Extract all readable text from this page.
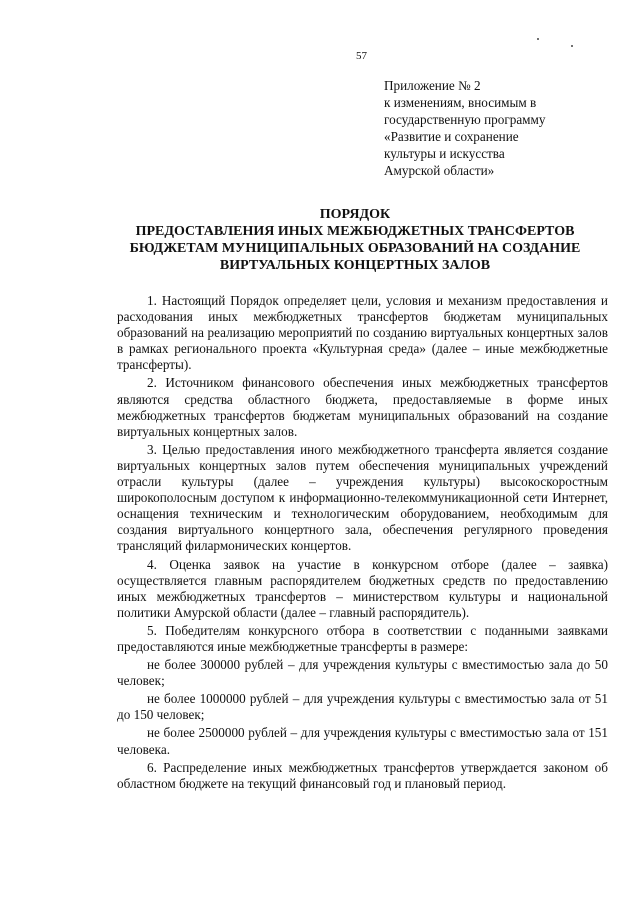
57
Приложение № 2
к изменениям, вносимым в
государственную программу
«Развитие и сохранение
культуры и искусства
Амурской области»
ПОРЯДОК
ПРЕДОСТАВЛЕНИЯ ИНЫХ МЕЖБЮДЖЕТНЫХ ТРАНСФЕРТОВ
БЮДЖЕТАМ МУНИЦИПАЛЬНЫХ ОБРАЗОВАНИЙ НА СОЗДАНИЕ
ВИРТУАЛЬНЫХ КОНЦЕРТНЫХ ЗАЛОВ

1. Настоящий Порядок определяет цели, условия и механизм предоставления и расходования иных межбюджетных трансфертов бюджетам муниципальных образований на реализацию мероприятий по созданию виртуальных концертных залов в рамках регионального проекта «Культурная среда» (далее – иные межбюджетные трансферты).

2. Источником финансового обеспечения иных межбюджетных трансфертов являются средства областного бюджета, предоставляемые в форме иных межбюджетных трансфертов бюджетам муниципальных образований на создание виртуальных концертных залов.

3. Целью предоставления иного межбюджетного трансферта является создание виртуальных концертных залов путем обеспечения муниципальных учреждений отрасли культуры (далее – учреждения культуры) высокоскоростным широкополосным доступом к информационно-телекоммуникационной сети Интернет, оснащения техническим и технологическим оборудованием, необходимым для создания виртуального концертного зала, обеспечения регулярного проведения трансляций филармонических концертов.

4. Оценка заявок на участие в конкурсном отборе (далее – заявка) осуществляется главным распорядителем бюджетных средств по предоставлению иных межбюджетных трансфертов – министерством культуры и национальной политики Амурской области (далее – главный распорядитель).

5. Победителям конкурсного отбора в соответствии с поданными заявками предоставляются иные межбюджетные трансферты в размере:

не более 300000 рублей – для учреждения культуры с вместимостью зала до 50 человек;

не более 1000000 рублей – для учреждения культуры с вместимостью зала от 51 до 150 человек;

не более 2500000 рублей – для учреждения культуры с вместимостью зала от 151 человека.

6. Распределение иных межбюджетных трансфертов утверждается законом об областном бюджете на текущий финансовый год и плановый период.
